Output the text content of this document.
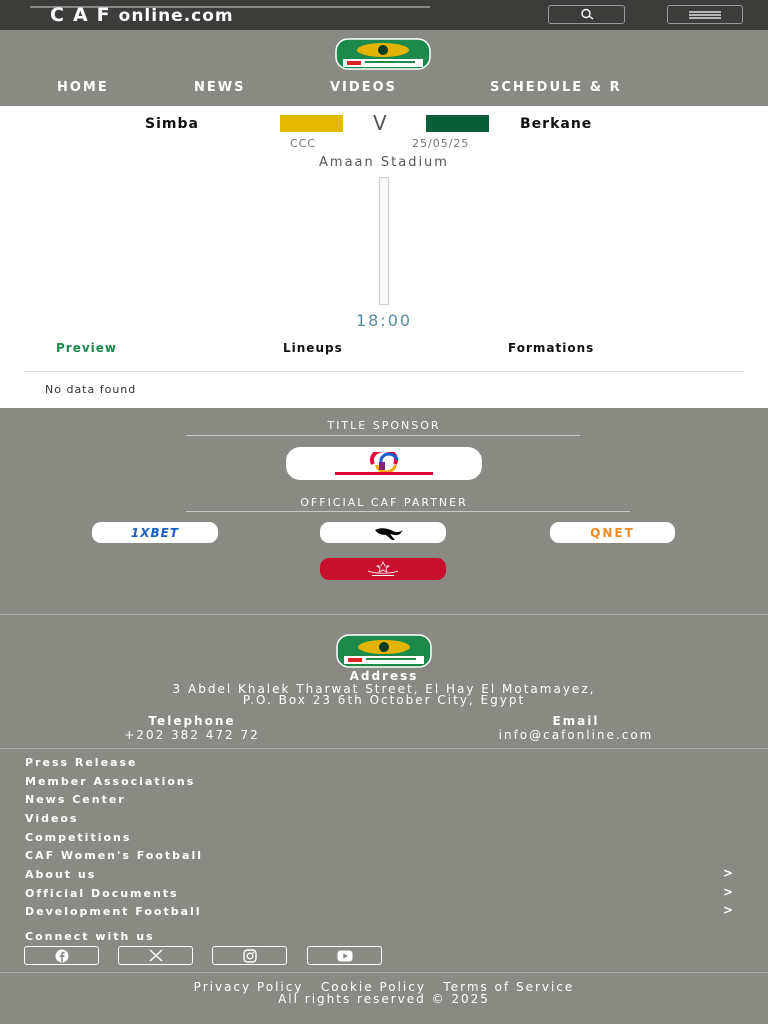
CAFonline.com
HOME	NEWS	VIDEOS	SCHEDULE & R
Simba	V	Berkane
CCC	25/05/25
Amaan Stadium
18:00
Preview	Lineups	Formations
No data found
TITLE SPONSOR
OFFICIAL CAF PARTNER
1XBET	QNET
Address
3 Abdel Khalek Tharwat Street, El Hay El Motamayez,
P.O. Box 23 6th October City, Egypt
Telephone
+202 382 472 72
Email
info@cafonline.com
Press Release
Member Associations
News Center
Videos
Competitions
CAF Women's Football
About us	>
Official Documents	>
Development Football	>
Connect with us
Privacy Policy Cookie Policy Terms of Service
All rights reserved © 2025
